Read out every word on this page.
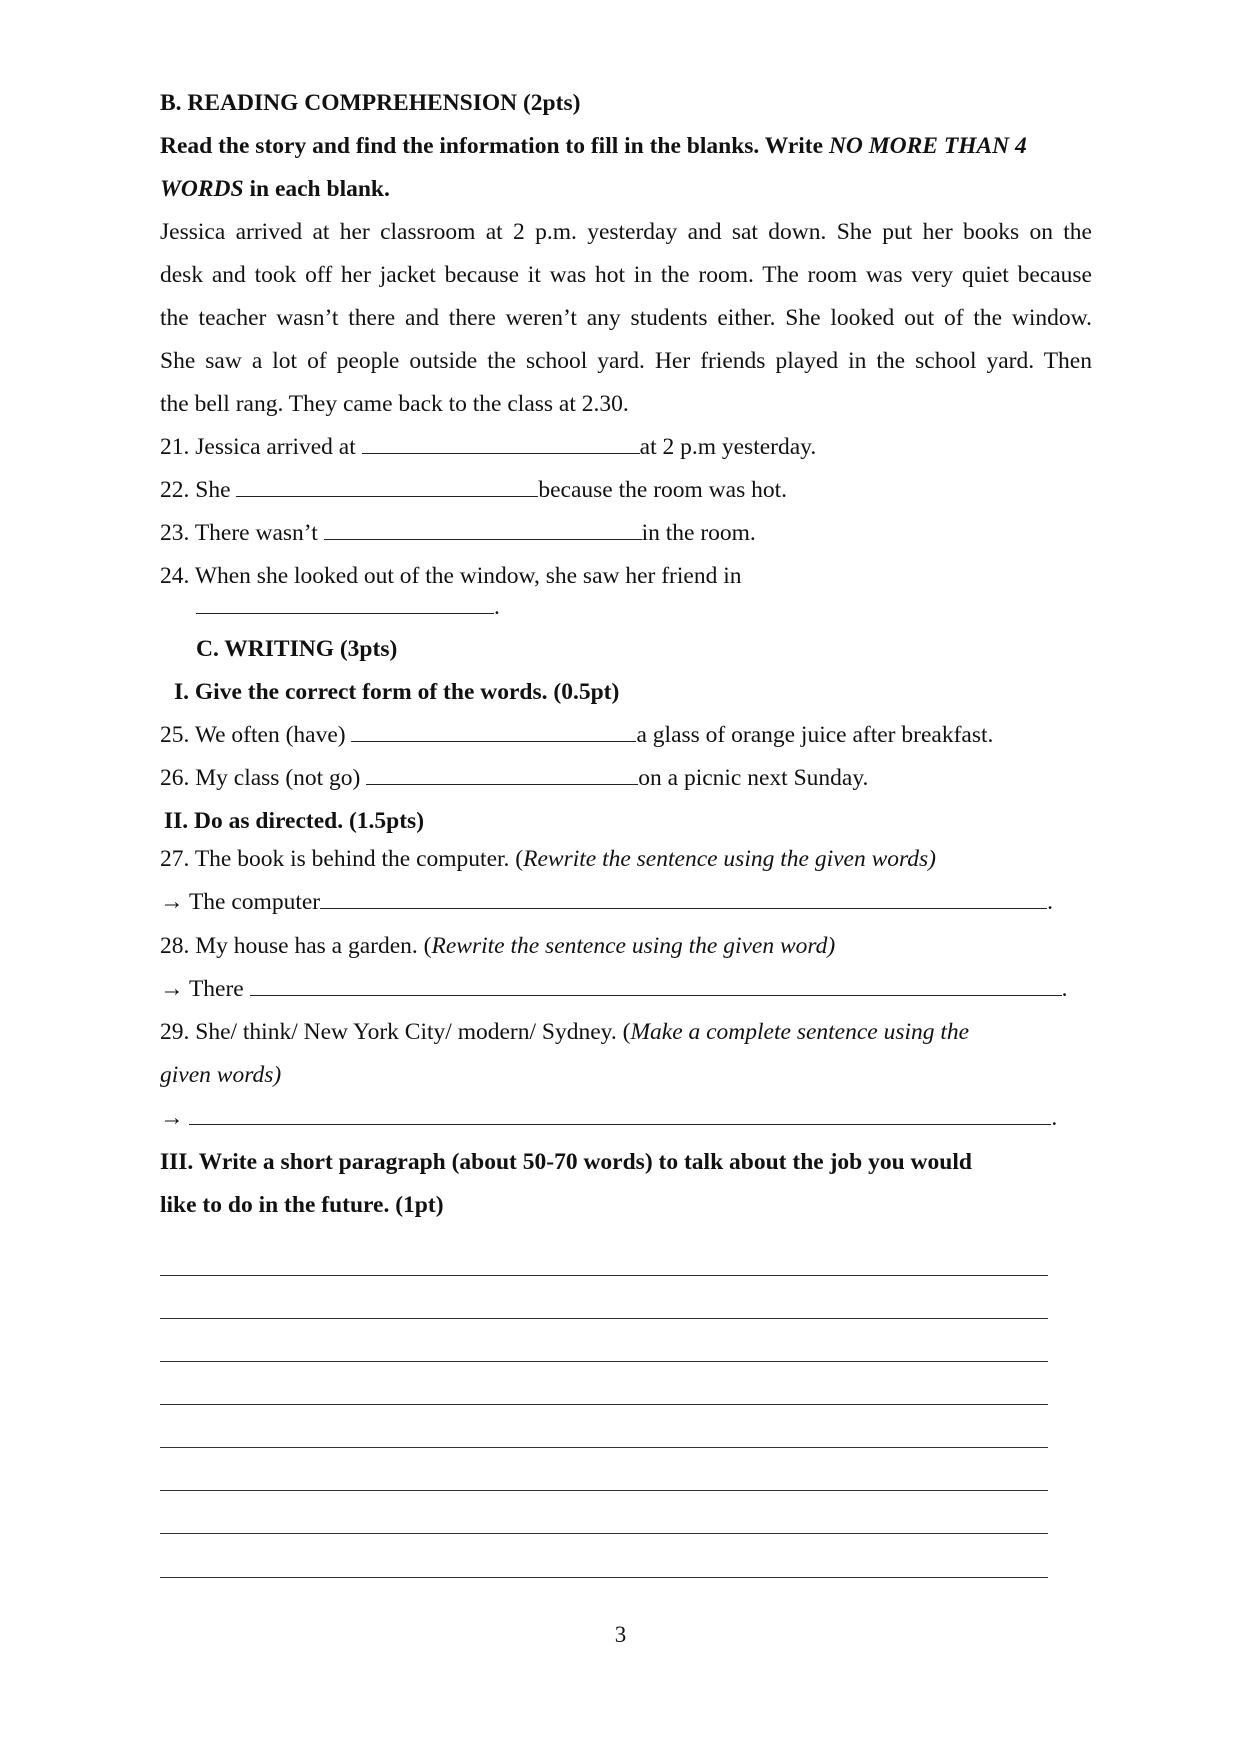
B. READING COMPREHENSION (2pts)
Read the story and find the information to fill in the blanks. Write NO MORE THAN 4
WORDS in each blank.
Jessica arrived at her classroom at 2 p.m. yesterday and sat down. She put her books on the
desk and took off her jacket because it was hot in the room. The room was very quiet because
the teacher wasn’t there and there weren’t any students either. She looked out of the window.
She saw a lot of people outside the school yard. Her friends played in the school yard. Then
the bell rang. They came back to the class at 2.30.
21. Jessica arrived at	at 2 p.m yesterday.
22. She	because the room was hot.
23. There wasn’t	in the room.
24. When she looked out of the window, she saw her friend in
.
C. WRITING (3pts)
I. Give the correct form of the words. (0.5pt)
25. We often (have)	a glass of orange juice after breakfast.
26. My class (not go)	on a picnic next Sunday.
II. Do as directed. (1.5pts)
27. The book is behind the computer. (Rewrite the sentence using the given words)
→ The computer	.
28. My house has a garden. (Rewrite the sentence using the given word)
→ There	.
29. She/ think/ New York City/ modern/ Sydney. (Make a complete sentence using the
given words)
→	.
III. Write a short paragraph (about 50-70 words) to talk about the job you would
like to do in the future. (1pt)
3
